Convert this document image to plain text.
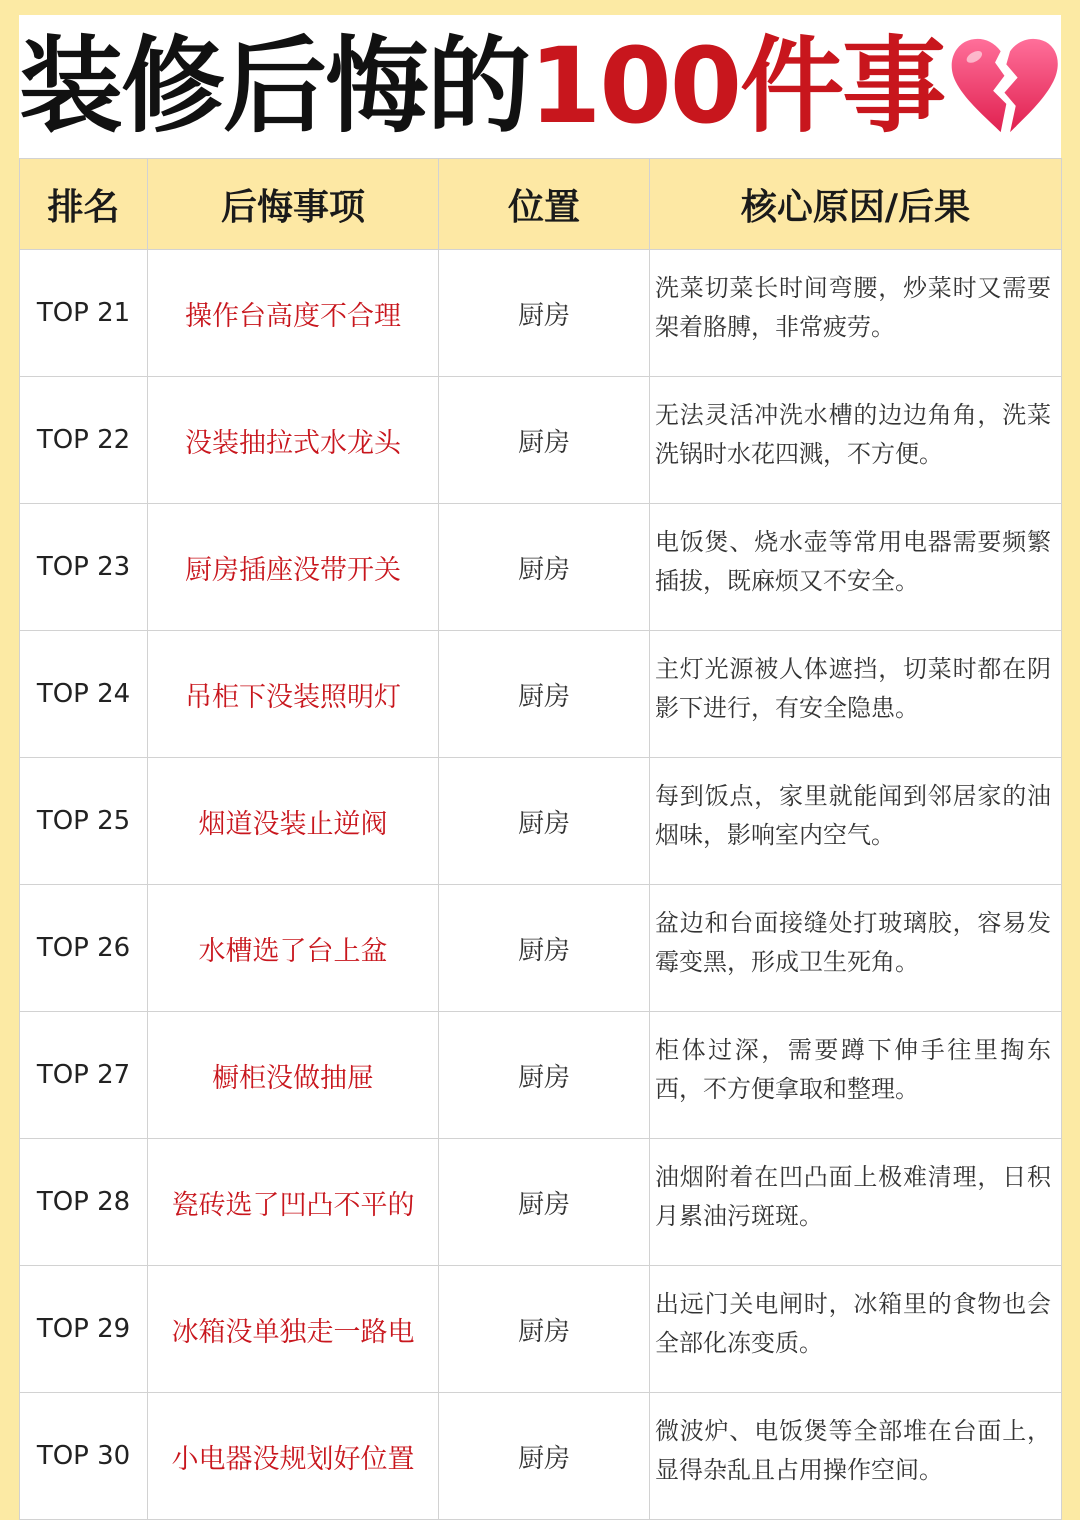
装修后悔的 100件事
排名	后悔事项	位置	核心原因/后果
TOP 21	操作台高度不合理	厨房	洗菜切菜长时间弯腰，炒菜时又需要架着胳膊，非常疲劳。
TOP 22	没装抽拉式水龙头	厨房	无法灵活冲洗水槽的边边角角，洗菜洗锅时水花四溅，不方便。
TOP 23	厨房插座没带开关	厨房	电饭煲、烧水壶等常用电器需要频繁插拔，既麻烦又不安全。
TOP 24	吊柜下没装照明灯	厨房	主灯光源被人体遮挡，切菜时都在阴影下进行，有安全隐患。
TOP 25	烟道没装止逆阀	厨房	每到饭点，家里就能闻到邻居家的油烟味，影响室内空气。
TOP 26	水槽选了台上盆	厨房	盆边和台面接缝处打玻璃胶，容易发霉变黑，形成卫生死角。
TOP 27	橱柜没做抽屉	厨房	柜体过深，需要蹲下伸手往里掏东西，不方便拿取和整理。
TOP 28	瓷砖选了凹凸不平的	厨房	油烟附着在凹凸面上极难清理，日积月累油污斑斑。
TOP 29	冰箱没单独走一路电	厨房	出远门关电闸时，冰箱里的食物也会全部化冻变质。
TOP 30	小电器没规划好位置	厨房	微波炉、电饭煲等全部堆在台面上，显得杂乱且占用操作空间。
